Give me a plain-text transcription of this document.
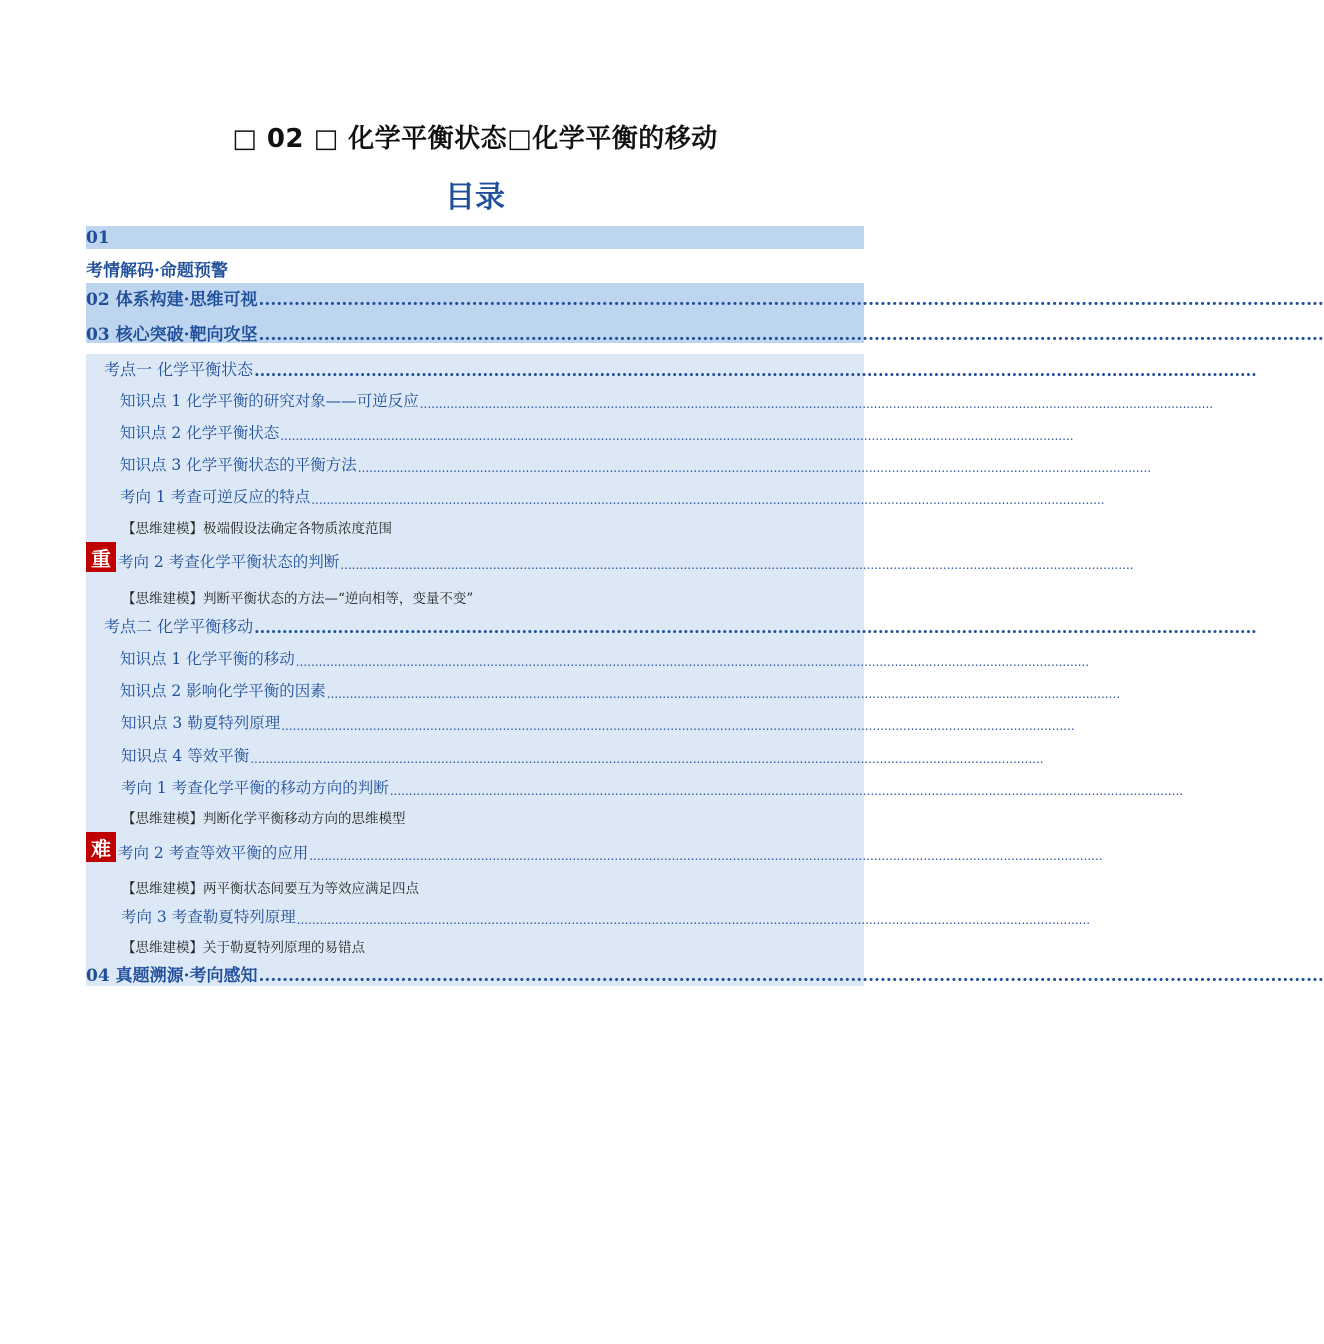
□ 02 □ 化学平衡状态□化学平衡的移动
目录
01
考情解码·命题预警
02 体系构建·思维可视 ....................................................................................................................................................................................
03 核心突破·靶向攻坚 ....................................................................................................................................................................................
考点一 化学平衡状态 ....................................................................................................................................................................................
知识点 1 化学平衡的研究对象——可逆反应 ................................................................................................................................................................................................................
知识点 2 化学平衡状态 ................................................................................................................................................................................................................
知识点 3 化学平衡状态的平衡方法 ................................................................................................................................................................................................................
考向 1 考查可逆反应的特点 ................................................................................................................................................................................................................
【思维建模】极端假设法确定各物质浓度范围
重 考向 2 考查化学平衡状态的判断 ................................................................................................................................................................................................................
【思维建模】判断平衡状态的方法—“逆向相等，变量不变”
考点二 化学平衡移动 ....................................................................................................................................................................................
知识点 1 化学平衡的移动 ................................................................................................................................................................................................................
知识点 2 影响化学平衡的因素 ................................................................................................................................................................................................................
知识点 3 勒夏特列原理 ................................................................................................................................................................................................................
知识点 4 等效平衡 ................................................................................................................................................................................................................
考向 1 考查化学平衡的移动方向的判断 ................................................................................................................................................................................................................
【思维建模】判断化学平衡移动方向的思维模型
难 考向 2 考查等效平衡的应用 ................................................................................................................................................................................................................
【思维建模】两平衡状态间要互为等效应满足四点
考向 3 考查勒夏特列原理 ................................................................................................................................................................................................................
【思维建模】关于勒夏特列原理的易错点
04 真题溯源·考向感知 ....................................................................................................................................................................................
